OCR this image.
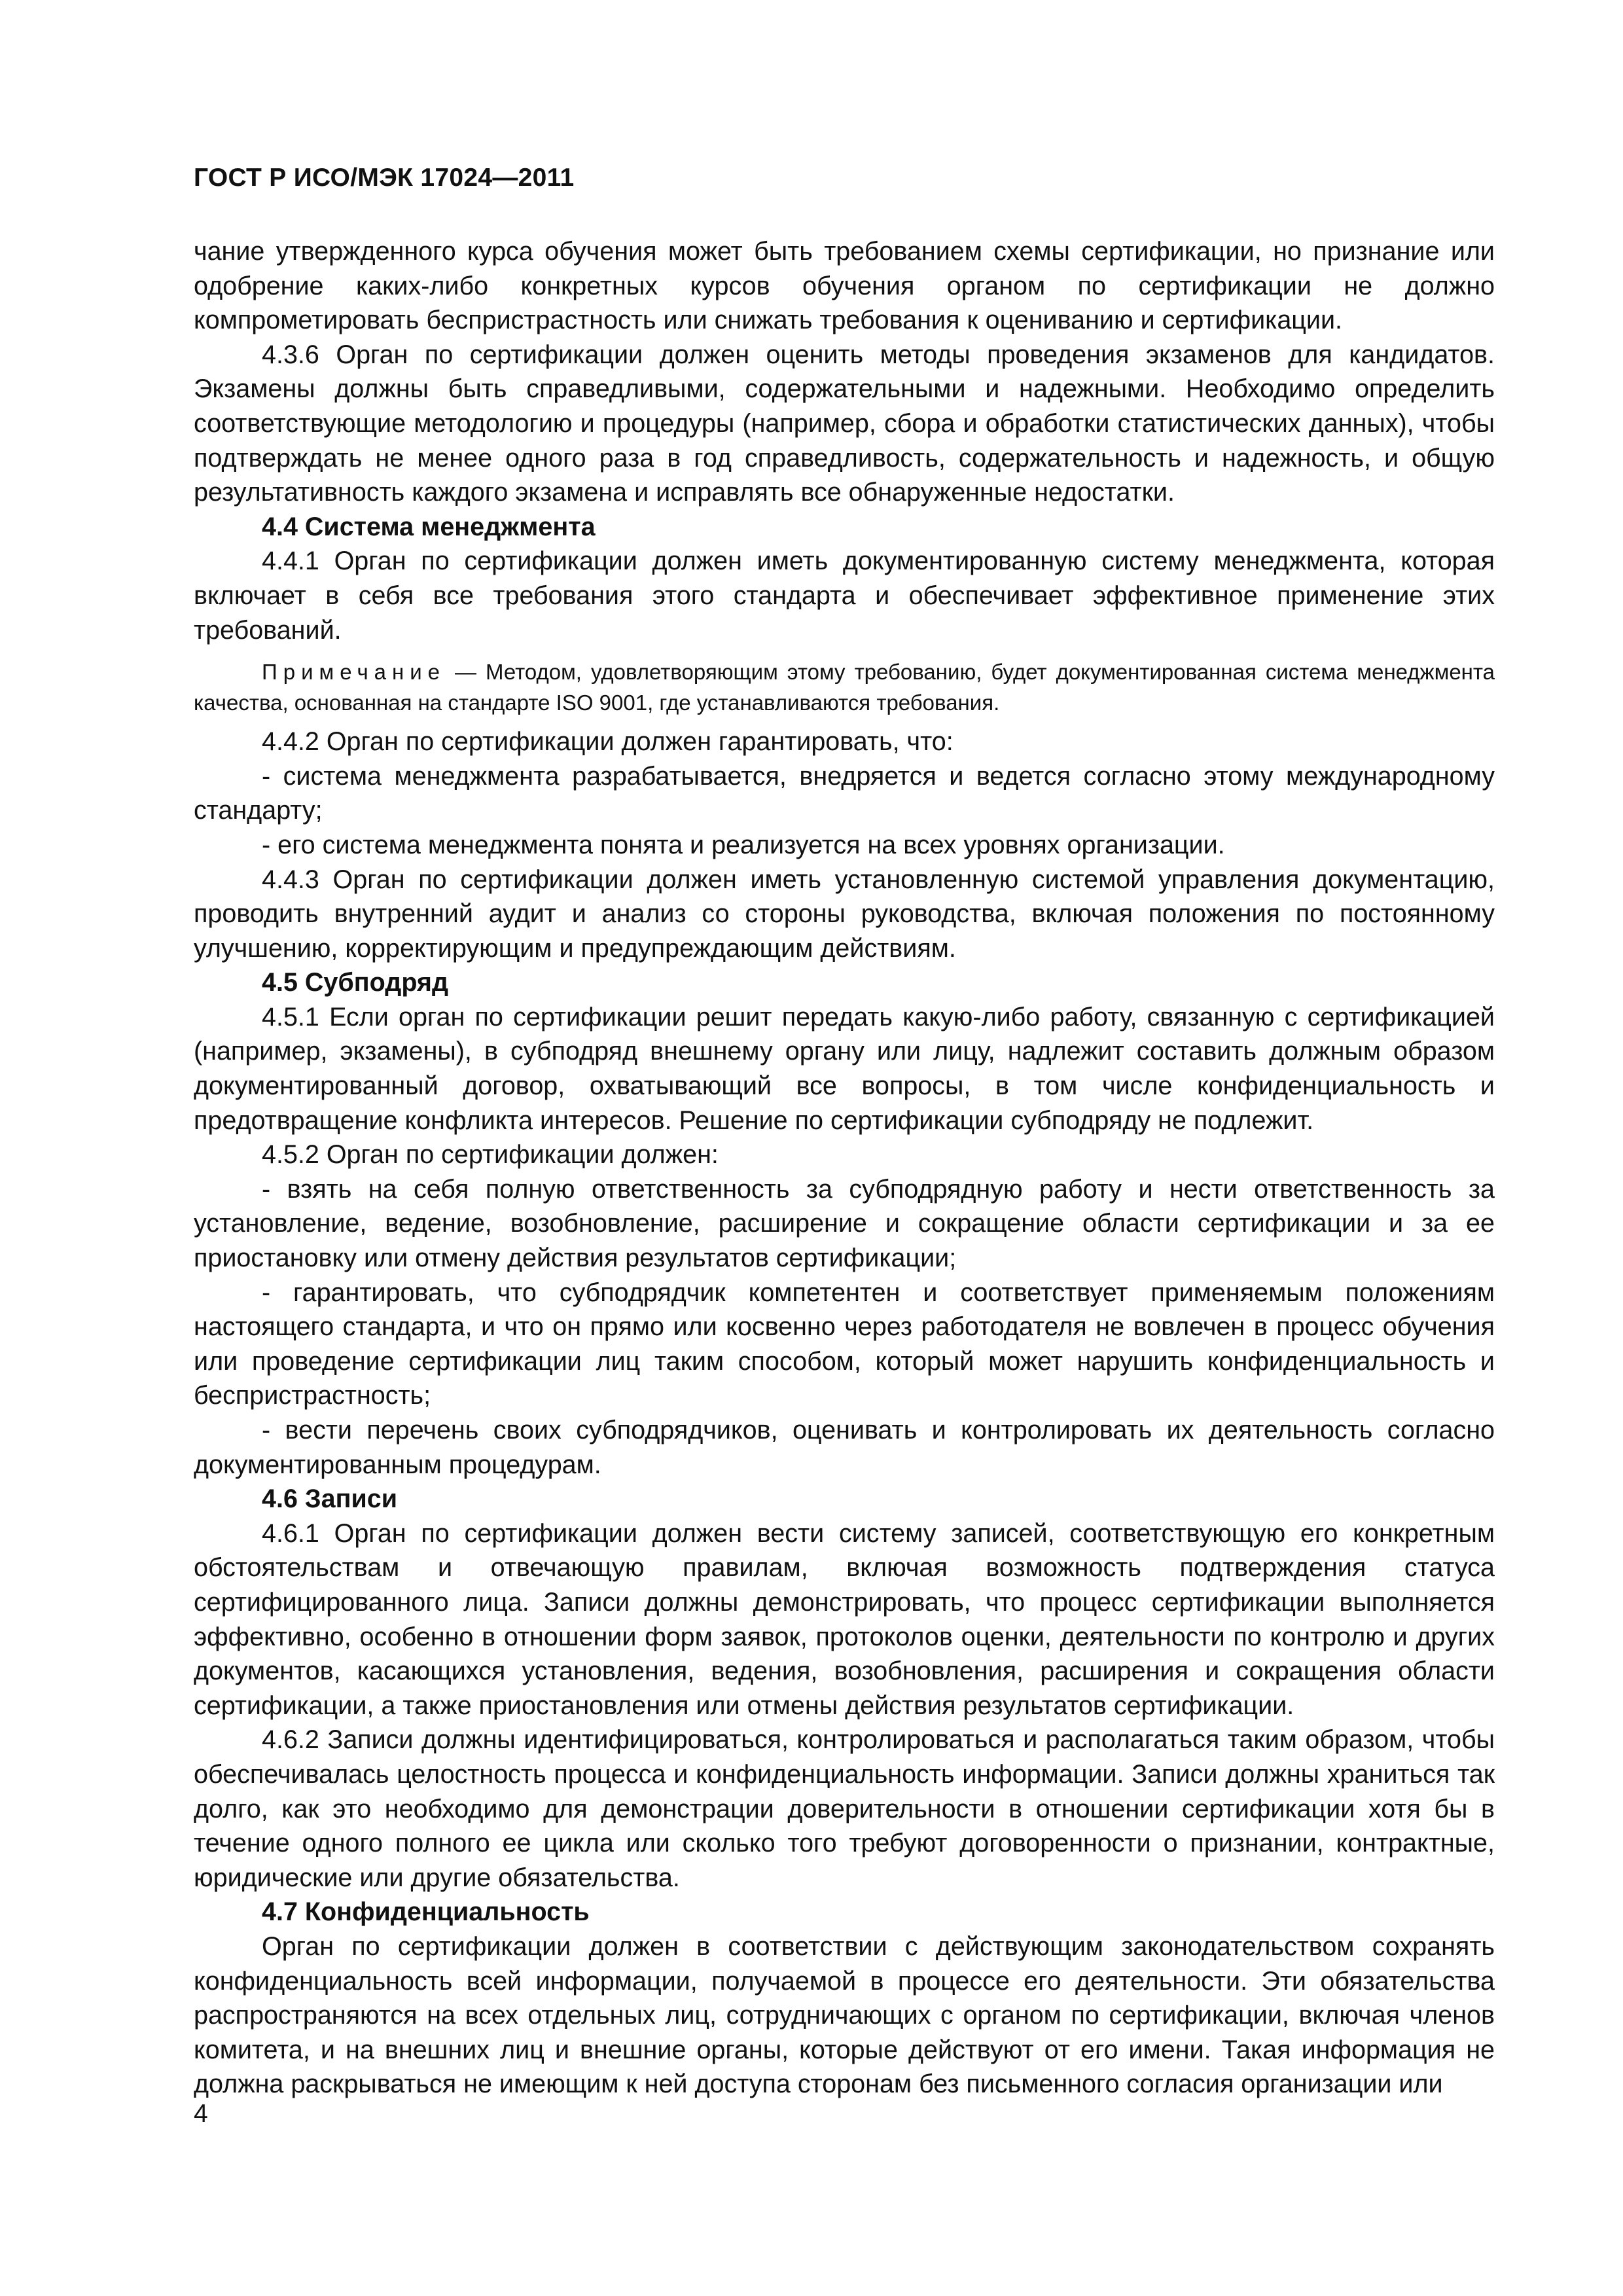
ГОСТ Р ИСО/МЭК 17024—2011

чание утвержденного курса обучения может быть требованием схемы сертификации, но признание или одобрение каких-либо конкретных курсов обучения органом по сертификации не должно компрометировать беспристрастность или снижать требования к оцениванию и сертификации.

4.3.6 Орган по сертификации должен оценить методы проведения экзаменов для кандидатов. Экзамены должны быть справедливыми, содержательными и надежными. Необходимо определить соответствующие методологию и процедуры (например, сбора и обработки статистических данных), чтобы подтверждать не менее одного раза в год справедливость, содержательность и надежность, и общую результативность каждого экзамена и исправлять все обнаруженные недостатки.

4.4 Система менеджмента

4.4.1 Орган по сертификации должен иметь документированную систему менеджмента, которая включает в себя все требования этого стандарта и обеспечивает эффективное применение этих требований.

Примечание — Методом, удовлетворяющим этому требованию, будет документированная система менеджмента качества, основанная на стандарте ISO 9001, где устанавливаются требования.

4.4.2 Орган по сертификации должен гарантировать, что:

- система менеджмента разрабатывается, внедряется и ведется согласно этому международному стандарту;

- его система менеджмента понята и реализуется на всех уровнях организации.

4.4.3 Орган по сертификации должен иметь установленную системой управления документацию, проводить внутренний аудит и анализ со стороны руководства, включая положения по постоянному улучшению, корректирующим и предупреждающим действиям.

4.5 Субподряд

4.5.1 Если орган по сертификации решит передать какую-либо работу, связанную с сертификацией (например, экзамены), в субподряд внешнему органу или лицу, надлежит составить должным образом документированный договор, охватывающий все вопросы, в том числе конфиденциальность и предотвращение конфликта интересов. Решение по сертификации субподряду не подлежит.

4.5.2 Орган по сертификации должен:

- взять на себя полную ответственность за субподрядную работу и нести ответственность за установление, ведение, возобновление, расширение и сокращение области сертификации и за ее приостановку или отмену действия результатов сертификации;

- гарантировать, что субподрядчик компетентен и соответствует применяемым положениям настоящего стандарта, и что он прямо или косвенно через работодателя не вовлечен в процесс обучения или проведение сертификации лиц таким способом, который может нарушить конфиденциальность и беспристрастность;

- вести перечень своих субподрядчиков, оценивать и контролировать их деятельность согласно документированным процедурам.

4.6 Записи

4.6.1 Орган по сертификации должен вести систему записей, соответствующую его конкретным обстоятельствам и отвечающую правилам, включая возможность подтверждения статуса сертифицированного лица. Записи должны демонстрировать, что процесс сертификации выполняется эффективно, особенно в отношении форм заявок, протоколов оценки, деятельности по контролю и других документов, касающихся установления, ведения, возобновления, расширения и сокращения области сертификации, а также приостановления или отмены действия результатов сертификации.

4.6.2 Записи должны идентифицироваться, контролироваться и располагаться таким образом, чтобы обеспечивалась целостность процесса и конфиденциальность информации. Записи должны храниться так долго, как это необходимо для демонстрации доверительности в отношении сертификации хотя бы в течение одного полного ее цикла или сколько того требуют договоренности о признании, контрактные, юридические или другие обязательства.

4.7 Конфиденциальность

Орган по сертификации должен в соответствии с действующим законодательством сохранять конфиденциальность всей информации, получаемой в процессе его деятельности. Эти обязательства распространяются на всех отдельных лиц, сотрудничающих с органом по сертификации, включая членов комитета, и на внешних лиц и внешние органы, которые действуют от его имени. Такая информация не должна раскрываться не имеющим к ней доступа сторонам без письменного согласия организации или

4
